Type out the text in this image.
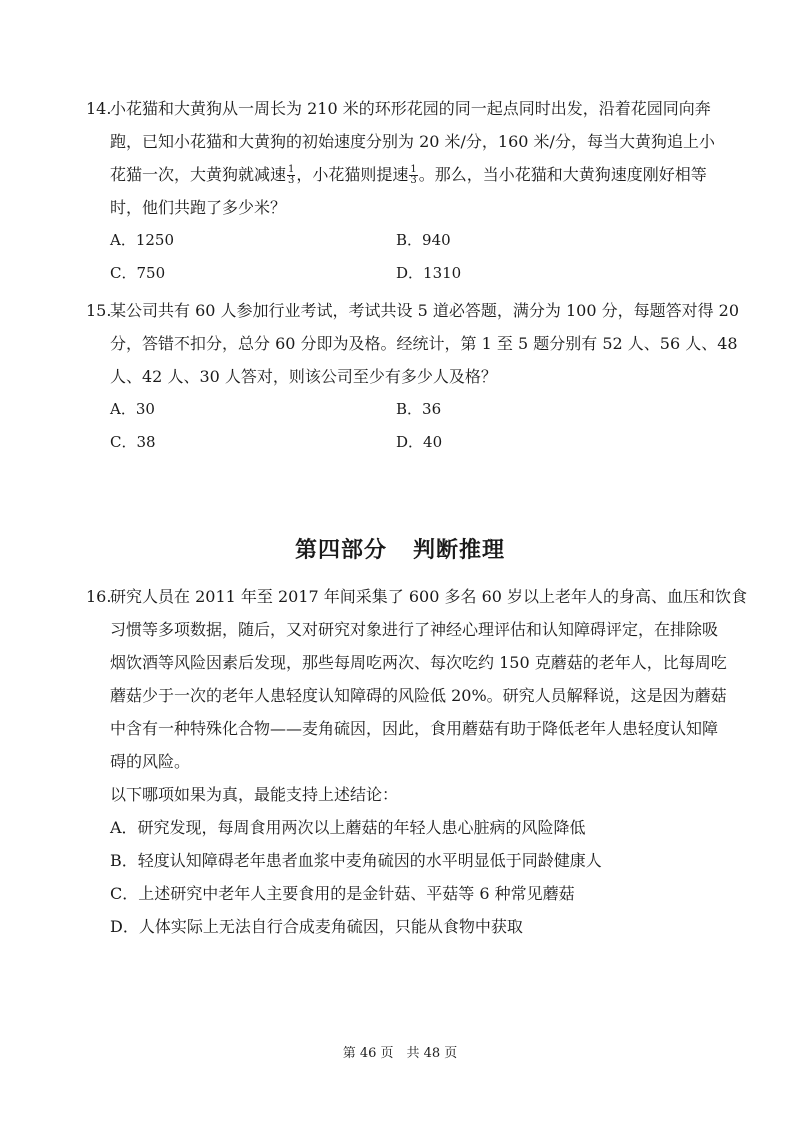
14.
小花猫和大黄狗从一周长为 210 米的环形花园的同一起点同时出发，沿着花园同向奔
跑，已知小花猫和大黄狗的初始速度分别为 20 米/分，160 米/分，每当大黄狗追上小
花猫一次，大黄狗就减速 $\frac{1}{3}$ ，小花猫则提速 $\frac{1}{3}$ 。那么，当小花猫和大黄狗速度刚好相等
时，他们共跑了多少米？
A．1250	B．940
C．750	D．1310
15.
某公司共有 60 人参加行业考试，考试共设 5 道必答题，满分为 100 分，每题答对得 20
分，答错不扣分，总分 60 分即为及格。经统计，第 1 至 5 题分别有 52 人、56 人、48
人、42 人、30 人答对，则该公司至少有多少人及格？
A．30	B．36
C．38	D．40
第四部分 判断推理
16.
研究人员在 2011 年至 2017 年间采集了 600 多名 60 岁以上老年人的身高、血压和饮食
习惯等多项数据，随后，又对研究对象进行了神经心理评估和认知障碍评定，在排除吸
烟饮酒等风险因素后发现，那些每周吃两次、每次吃约 150 克蘑菇的老年人，比每周吃
蘑菇少于一次的老年人患轻度认知障碍的风险低 20%。研究人员解释说，这是因为蘑菇
中含有一种特殊化合物——麦角硫因，因此，食用蘑菇有助于降低老年人患轻度认知障
碍的风险。
以下哪项如果为真，最能支持上述结论：
A．研究发现，每周食用两次以上蘑菇的年轻人患心脏病的风险降低
B．轻度认知障碍老年患者血浆中麦角硫因的水平明显低于同龄健康人
C．上述研究中老年人主要食用的是金针菇、平菇等 6 种常见蘑菇
D．人体实际上无法自行合成麦角硫因，只能从食物中获取
第 46 页　共 48 页
